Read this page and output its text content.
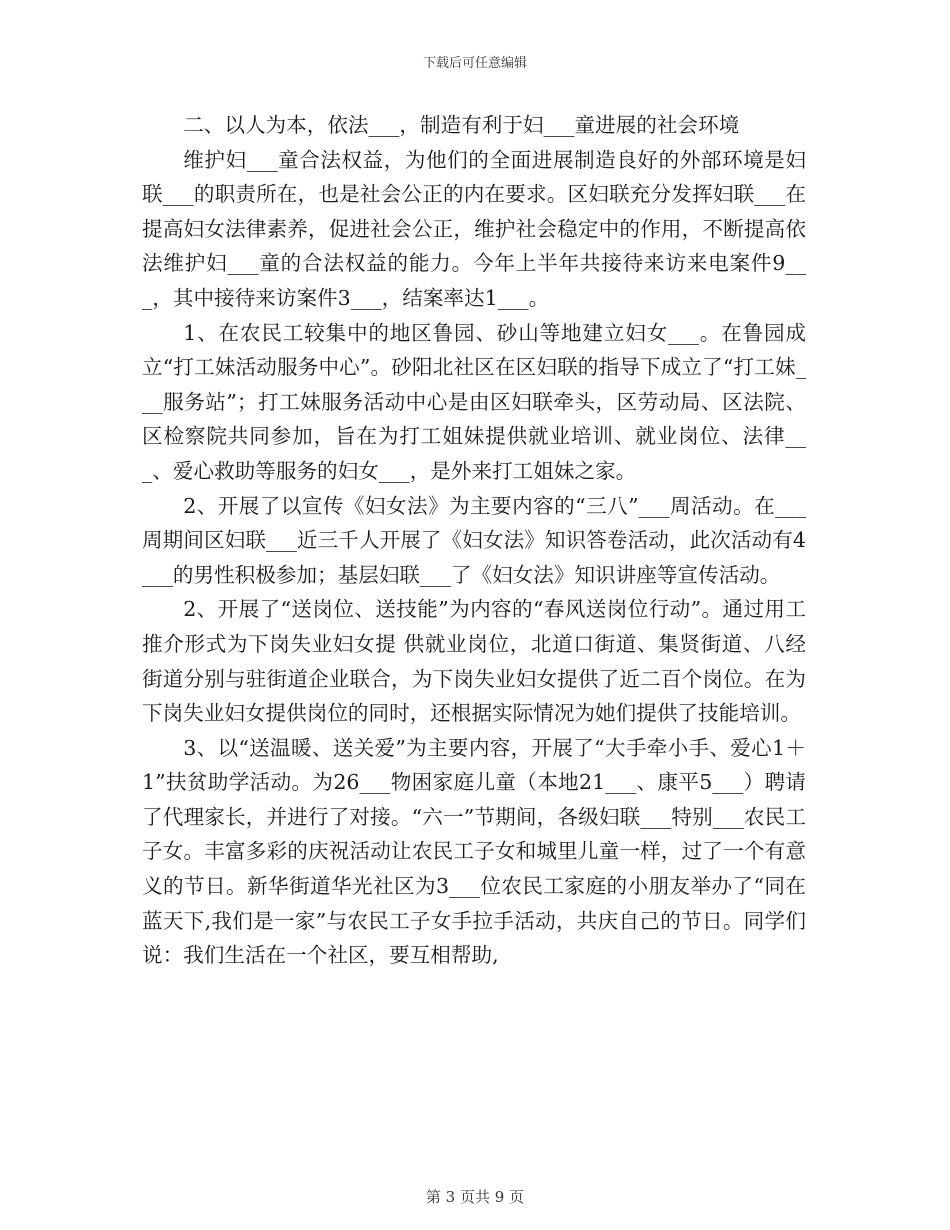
下载后可任意编辑

二、以人为本，依法___，制造有利于妇___童进展的社会环境

维护妇___童合法权益，为他们的全面进展制造良好的外部环境是妇联___的职责所在，也是社会公正的内在要求。区妇联充分发挥妇联___在提高妇女法律素养，促进社会公正，维护社会稳定中的作用，不断提高依法维护妇___童的合法权益的能力。今年上半年共接待来访来电案件9___，其中接待来访案件3___，结案率达1___。

1、在农民工较集中的地区鲁园、砂山等地建立妇女___。在鲁园成立“打工妹活动服务中心”。砂阳北社区在区妇联的指导下成立了“打工妹___服务站”；打工妹服务活动中心是由区妇联牵头，区劳动局、区法院、区检察院共同参加，旨在为打工姐妹提供就业培训、就业岗位、法律___、爱心救助等服务的妇女___，是外来打工姐妹之家。

2、开展了以宣传《妇女法》为主要内容的“三八”___周活动。在___周期间区妇联___近三千人开展了《妇女法》知识答卷活动，此次活动有4___的男性积极参加；基层妇联___了《妇女法》知识讲座等宣传活动。

2、开展了“送岗位、送技能”为内容的“春风送岗位行动”。通过用工推介形式为下岗失业妇女提 供就业岗位，北道口街道、集贤街道、八经街道分别与驻街道企业联合，为下岗失业妇女提供了近二百个岗位。在为下岗失业妇女提供岗位的同时，还根据实际情况为她们提供了技能培训。

3、以“送温暖、送关爱”为主要内容，开展了“大手牵小手、爱心1＋1”扶贫助学活动。为26___物困家庭儿童（本地21___、康平5___）聘请了代理家长，并进行了对接。“六一”节期间，各级妇联___特别___农民工子女。丰富多彩的庆祝活动让农民工子女和城里儿童一样，过了一个有意义的节日。新华街道华光社区为3___位农民工家庭的小朋友举办了“同在蓝天下,我们是一家”与农民工子女手拉手活动，共庆自己的节日。同学们说：我们生活在一个社区，要互相帮助,

第 3 页共 9 页
